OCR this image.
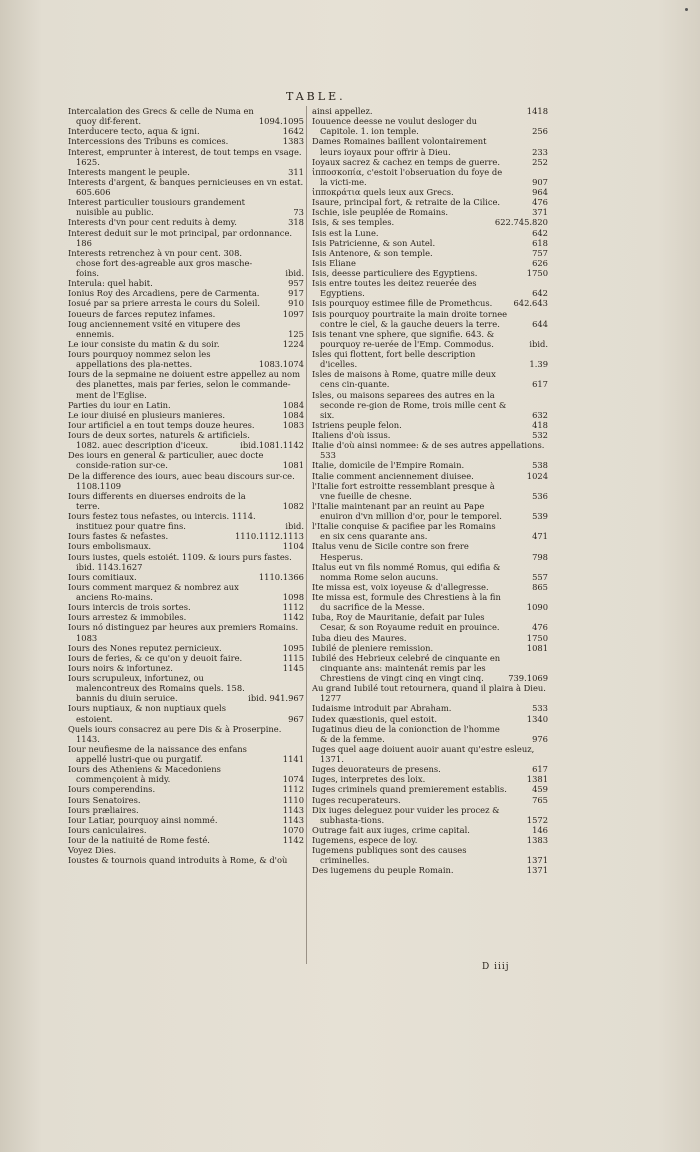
TABLE.

Intercalation des Grecs & celle de Numa en quoy dif-ferent.	1094.1095

Interducere tecto, aqua & igni.	1642

Intercessions des Tribuns es comices.	1383

Interest, emprunter à interest, de tout temps en vsage. 1625.

Interests mangent le peuple.	311

Interests d'argent, & banques pernicieuses en vn estat. 605.606

Interest particulier tousiours grandement nuisible au public.	73

Interests d'vn pour cent reduits à demy.	318

Interest deduit sur le mot principal, par ordonnance. 186

Interests retrenchez à vn pour cent. 308. chose fort des-agreable aux gros masche-foins.	ibid.

Interula: quel habit.	957

Ionius Roy des Arcadiens, pere de Carmenta.	917

Iosué par sa priere arresta le cours du Soleil.	910

Ioueurs de farces reputez infames.	1097

Ioug anciennement vsité en vitupere des ennemis.	125

Le iour consiste du matin & du soir.	1224

Iours pourquoy nommez selon les appellations des pla-nettes.	1083.1074

Iours de la sepmaine ne doiuent estre appellez au nom des planettes, mais par feries, selon le commande-ment de l'Eglise.

Parties du iour en Latin.	1084

Le iour diuisé en plusieurs manieres.	1084

Iour artificiel a en tout temps douze heures.	1083

Iours de deux sortes, naturels & artificiels. 1082. auec description d'iceux.	ibid.1081.1142

Des iours en general & particulier, auec docte conside-ration sur-ce.	1081

De la difference des iours, auec beau discours sur-ce. 1108.1109

Iours differents en diuerses endroits de la terre.	1082

Iours festez tous nefastes, ou intercis. 1114. instituez pour quatre fins.	ibid.

Iours fastes & nefastes.	1110.1112.1113

Iours embolismaux.	1104

Iours iustes, quels estoiét. 1109. & iours purs fastes. ibid. 1143.1627

Iours comitiaux.	1110.1366

Iours comment marquez & nombrez aux anciens Ro-mains.	1098

Iours intercis de trois sortes.	1112

Iours arrestez & immobiles.	1142

Iours nó distinguez par heures aux premiers Romains. 1083

Iours des Nones reputez pernicieux.	1095

Iours de feries, & ce qu'on y deuoit faire.	1115

Iours noirs & infortunez.	1145

Iours scrupuleux, infortunez, ou malencontreux des Romains quels. 158. bannis du diuin seruice.	ibid. 941.967

Iours nuptiaux, & non nuptiaux quels estoient.	967

Quels iours consacrez au pere Dis & à Proserpine. 1143.

Iour neufiesme de la naissance des enfans appellé lustri-que ou purgatif.	1141

Iours des Atheniens & Macedoniens commençoient à midy.	1074

Iours comperendins.	1112

Iours Senatoires.	1110

Iours præliaires.	1143

Iour Latiar, pourquoy ainsi nommé.	1143

Iours caniculaires.	1070

Iour de la natiuité de Rome festé.	1142

Voyez Dies.

Ioustes & tournois quand introduits à Rome, & d'où

ainsi appellez.	1418

Iouuence deesse ne voulut desloger du Capitole. 1. ion temple.	256

Dames Romaines baillent volontairement leurs ioyaux pour offrir à Dieu.	233

Ioyaux sacrez & cachez en temps de guerre.	252

ἱπποσκοπία, c'estoit l'obseruation du foye de la victi-me.	907

ἱπποκράτια quels ieux aux Grecs.	964

Isaure, principal fort, & retraite de la Cilice.	476

Ischie, isle peuplée de Romains.	371

Isis, & ses temples.	622.745.820

Isis est la Lune.	642

Isis Patricienne, & son Autel.	618

Isis Antenore, & son temple.	757

Isis Eliane	626

Isis, deesse particuliere des Egyptiens.	1750

Isis entre toutes les deitez reuerée des Egyptiens.	642

Isis pourquoy estimee fille de Promethcus.	642.643

Isis pourquoy pourtraite la main droite tornee contre le ciel, & la gauche deuers la terre.	644

Isis tenant vne sphere, que signifie. 643. & pourquoy re-uerée de l'Emp. Commodus.	ibid.

Isles qui flottent, fort belle description d'icelles.	1.39

Isles de maisons à Rome, quatre mille deux cens cin-quante.	617

Isles, ou maisons separees des autres en la seconde re-gion de Rome, trois mille cent & six.	632

Istriens peuple felon.	418

Italiens d'où issus.	532

Italie d'où ainsi nommee: & de ses autres appellations. 533

Italie, domicile de l'Empire Romain.	538

Italie comment anciennement diuisee.	1024

l'Italie fort estroitte ressemblant presque à vne fueille de chesne.	536

l'Italie maintenant par an reuint au Pape enuiron d'vn million d'or, pour le temporel.	539

l'Italie conquise & pacifiee par les Romains en six cens quarante ans.	471

Italus venu de Sicile contre son frere Hesperus.	798

Italus eut vn fils nommé Romus, qui edifia & nomma Rome selon aucuns.	557

Ite missa est, voix ioyeuse & d'allegresse.	865

Ite missa est, formule des Chrestiens à la fin du sacrifice de la Messe.	1090

Iuba, Roy de Mauritanie, defait par Iules Cesar, & son Royaume reduit en prouince.	476

Iuba dieu des Maures.	1750

Iubilé de pleniere remission.	1081

Iubilé des Hebrieux celebré de cinquante en cinquante ans: maintenát remis par les Chrestiens de vingt cinq en vingt cinq.	739.1069

Au grand Iubilé tout retournera, quand il plaira à Dieu. 1277

Iudaisme introduit par Abraham.	533

Iudex quæstionis, quel estoit.	1340

Iugatinus dieu de la conionction de l'homme & de la femme.	976

Iuges quel aage doiuent auoir auant qu'estre esleuz, 1371.

Iuges deuorateurs de presens.	617

Iuges, interpretes des loix.	1381

Iuges criminels quand premierement establis.	459

Iuges recuperateurs.	765

Dix iuges deleguez pour vuider les procez & subhasta-tions.	1572

Outrage fait aux iuges, crime capital.	146

Iugemens, espece de loy.	1383

Iugemens publiques sont des causes criminelles.	1371

Des iugemens du peuple Romain.	1371

D iiij
